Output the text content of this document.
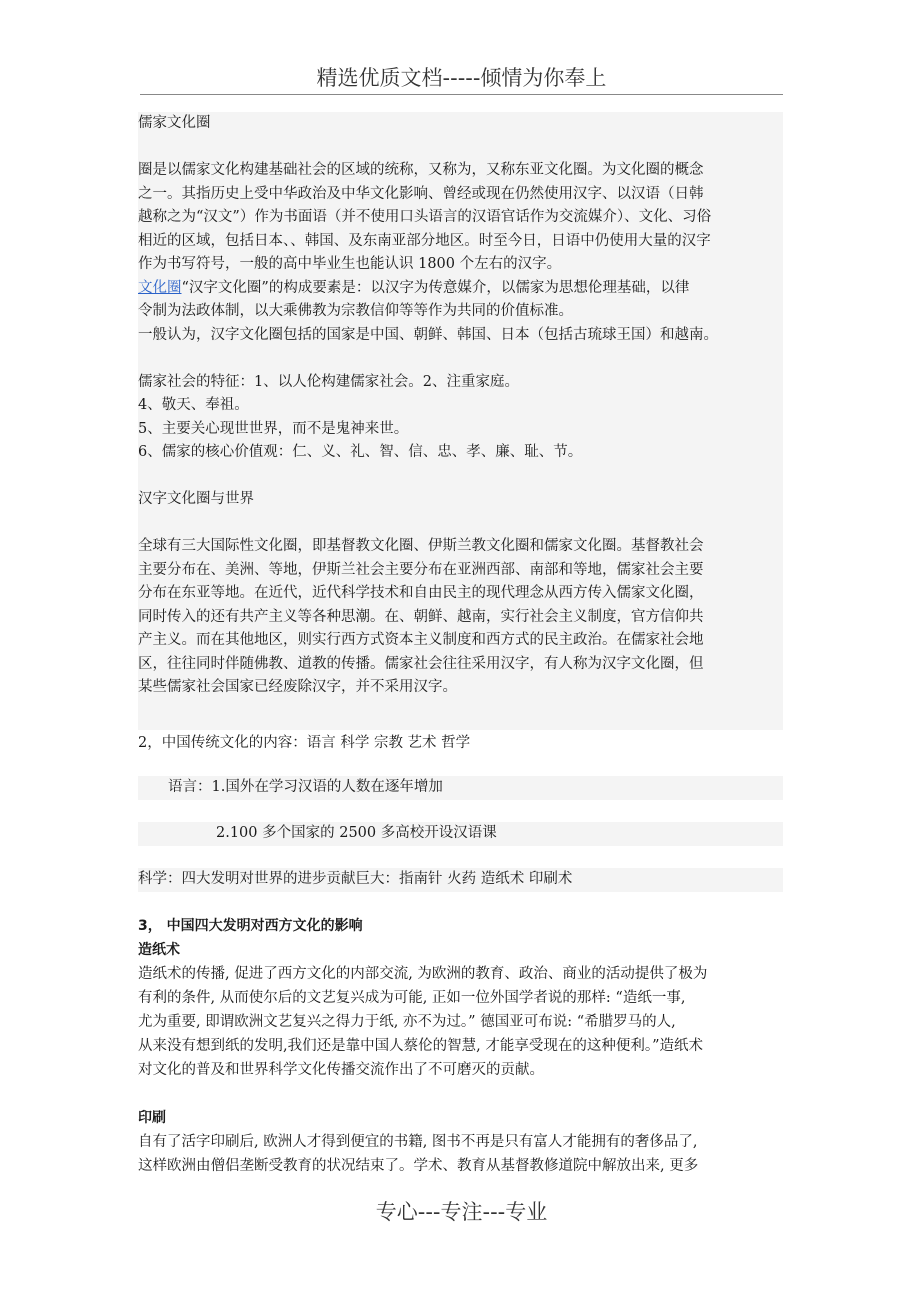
精选优质文档-----倾情为你奉上
儒家文化圈
圈是以儒家文化构建基础社会的区域的统称，又称为，又称东亚文化圈。为文化圈的概念
之一。其指历史上受中华政治及中华文化影响、曾经或现在仍然使用汉字、以汉语（日韩
越称之为“汉文”）作为书面语（并不使用口头语言的汉语官话作为交流媒介）、文化、习俗
相近的区域，包括日本、、韩国、及东南亚部分地区。时至今日，日语中仍使用大量的汉字
作为书写符号，一般的高中毕业生也能认识 1800 个左右的汉字。
文化圈“汉字文化圈”的构成要素是：以汉字为传意媒介，以儒家为思想伦理基础，以律
令制为法政体制，以大乘佛教为宗教信仰等等作为共同的价值标准。
一般认为，汉字文化圈包括的国家是中国、朝鲜、韩国、日本（包括古琉球王国）和越南。
儒家社会的特征：1、以人伦构建儒家社会。2、注重家庭。
4、敬天、奉祖。
5、主要关心现世世界，而不是鬼神来世。
6、儒家的核心价值观：仁、义、礼、智、信、忠、孝、廉、耻、节。
汉字文化圈与世界
全球有三大国际性文化圈，即基督教文化圈、伊斯兰教文化圈和儒家文化圈。基督教社会
主要分布在、美洲、等地，伊斯兰社会主要分布在亚洲西部、南部和等地，儒家社会主要
分布在东亚等地。在近代，近代科学技术和自由民主的现代理念从西方传入儒家文化圈，
同时传入的还有共产主义等各种思潮。在、朝鲜、越南，实行社会主义制度，官方信仰共
产主义。而在其他地区，则实行西方式资本主义制度和西方式的民主政治。在儒家社会地
区，往往同时伴随佛教、道教的传播。儒家社会往往采用汉字，有人称为汉字文化圈，但
某些儒家社会国家已经废除汉字，并不采用汉字。
2，中国传统文化的内容：语言 科学 宗教 艺术 哲学
语言：1.国外在学习汉语的人数在逐年增加
2.100 多个国家的 2500 多高校开设汉语课
科学：四大发明对世界的进步贡献巨大：指南针 火药 造纸术 印刷术
3， 中国四大发明对西方文化的影响
造纸术
造纸术的传播, 促进了西方文化的内部交流, 为欧洲的教育、政治、商业的活动提供了极为
有利的条件, 从而使尔后的文艺复兴成为可能, 正如一位外国学者说的那样: “造纸一事,
尤为重要, 即谓欧洲文艺复兴之得力于纸, 亦不为过。” 德国亚可布说: “希腊罗马的人,
从来没有想到纸的发明,我们还是靠中国人蔡伦的智慧, 才能享受现在的这种便利。”造纸术
对文化的普及和世界科学文化传播交流作出了不可磨灭的贡献。
印刷
自有了活字印刷后, 欧洲人才得到便宜的书籍, 图书不再是只有富人才能拥有的奢侈品了,
这样欧洲由僧侣垄断受教育的状况结束了。学术、教育从基督教修道院中解放出来, 更多
专心---专注---专业
